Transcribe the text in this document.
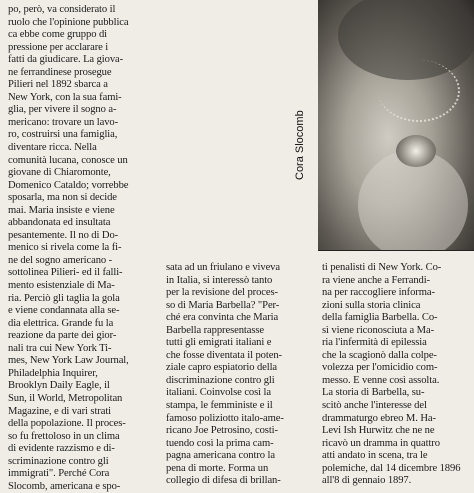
po, però, va considerato il
ruolo che l'opinione pubblica
ca ebbe come gruppo di
pressione per acclarare i
fatti da giudicare. La giova-
ne ferrandinese prosegue
Pilieri nel 1892 sbarca a
New York, con la sua fami-
glia, per vivere il sogno a-
mericano: trovare un lavo-
ro, costruirsi una famiglia,
diventare ricca. Nella
comunità lucana, conosce un
giovane di Chiaromonte,
Domenico Cataldo; vorrebbe
sposarla, ma non si decide
mai. Maria insiste e viene
abbandonata ed insultata
pesantemente. Il no di Do-
menico si rivela come la fi-
ne del sogno americano -
sottolinea Pilieri- ed il falli-
mento esistenziale di Ma-
ria. Perciò gli taglia la gola
e viene condannata alla se-
dia elettrica. Grande fu la
reazione da parte dei gior-
nali tra cui New York Ti-
mes, New York Law Journal,
Philadelphia Inquirer,
Brooklyn Daily Eagle, il
Sun, il World, Metropolitan
Magazine, e di vari strati
della popolazione. Il proces-
so fu frettoloso in un clima
di evidente razzismo e di-
scriminazione contro gli
immigrati". Perché Cora
Slocomb, americana e spo-
Cora Slocomb
sata ad un friulano e viveva
in Italia, si interessò tanto
per la revisione del proces-
so di Maria Barbella? "Per-
ché era convinta che Maria
Barbella rappresentasse
tutti gli emigrati italiani e
che fosse diventata il poten-
ziale capro espiatorio della
discriminazione contro gli
italiani. Coinvolse così la
stampa, le femministe e il
famoso poliziotto italo-ame-
ricano Joe Petrosino, costi-
tuendo così la prima cam-
pagna americana contro la
pena di morte. Forma un
collegio di difesa di brillan-
ti penalisti di New York. Co-
ra viene anche a Ferrandi-
na per raccogliere informa-
zioni sulla storia clinica
della famiglia Barbella. Co-
sì viene riconosciuta a Ma-
ria l'infermità di epilessia
che la scagionò dalla colpe-
volezza per l'omicidio com-
messo. E venne così assolta.
La storia di Barbella, su-
scitò anche l'interesse del
drammaturgo ebreo M. Ha-
Levi Ish Hurwitz che ne ne
ricavò un dramma in quattro
atti andato in scena, tra le
polemiche, dal 14 dicembre 1896
all'8 di gennaio 1897.
